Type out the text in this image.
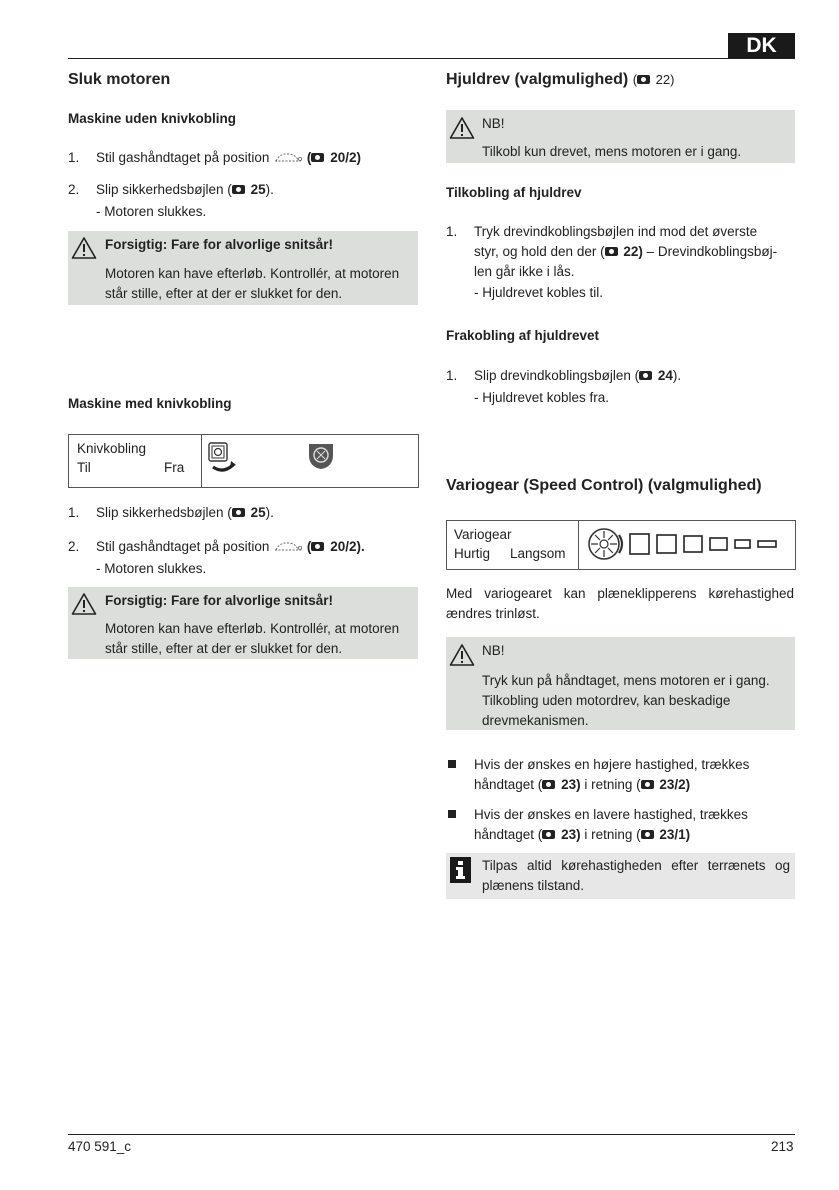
DK
Sluk motoren
Maskine uden knivkobling
1. Stil gashåndtaget på position	( 20/2)
2. Slip sikkerhedsbøjlen ( 25).
- Motoren slukkes.
Forsigtig: Fare for alvorlige snitsår!
Motoren kan have efterløb. Kontrollér, at motoren
står stille, efter at der er slukket for den.
Maskine med knivkobling
Knivkobling
Til	Fra
1. Slip sikkerhedsbøjlen ( 25).
2. Stil gashåndtaget på position	( 20/2).
- Motoren slukkes.
Forsigtig: Fare for alvorlige snitsår!
Motoren kan have efterløb. Kontrollér, at motoren
står stille, efter at der er slukket for den.
Hjuldrev (valgmulighed) ( 22)
NB!
Tilkobl kun drevet, mens motoren er i gang.
Tilkobling af hjuldrev
1. Tryk drevindkoblingsbøjlen ind mod det øverste
styr, og hold den der ( 22) – Drevindkoblingsbøj-
len går ikke i lås.
- Hjuldrevet kobles til.
Frakobling af hjuldrevet
1. Slip drevindkoblingsbøjlen ( 24).
- Hjuldrevet kobles fra.
Variogear (Speed Control) (valgmulighed)
Variogear
Hurtig Langsom
Med variogearet kan plæneklipperens kørehastighed
ændres trinløst.
NB!
Tryk kun på håndtaget, mens motoren er i gang.
Tilkobling uden motordrev, kan beskadige
drevmekanismen.
Hvis der ønskes en højere hastighed, trækkes
håndtaget ( 23) i retning ( 23/2)
Hvis der ønskes en lavere hastighed, trækkes
håndtaget ( 23) i retning ( 23/1)
Tilpas altid kørehastigheden efter terrænets og
plænens tilstand.
470 591_c	213
